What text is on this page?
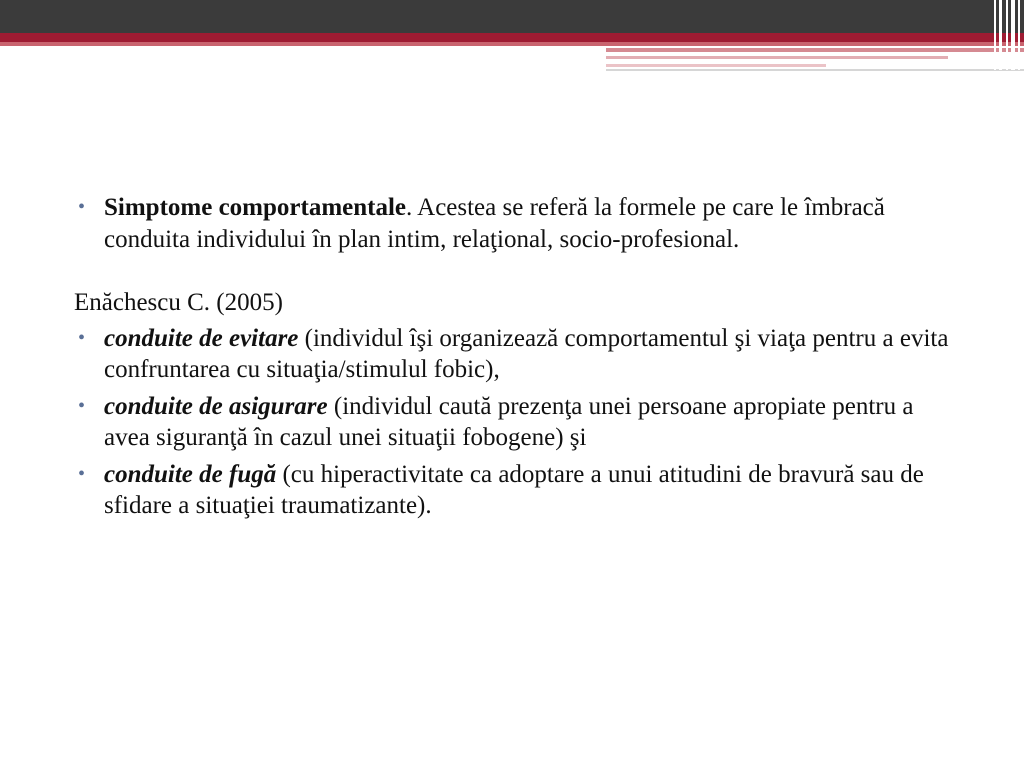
• Simptome comportamentale. Acestea se referă la formele pe care le îmbracă conduita individului în plan intim, relaţional, socio-profesional.
Enăchescu C. (2005)
• conduite de evitare (individul îşi organizează comportamentul şi viaţa pentru a evita confruntarea cu situaţia/stimulul fobic),
• conduite de asigurare (individul caută prezenţa unei persoane apropiate pentru a avea siguranţă în cazul unei situaţii fobogene) şi
• conduite de fugă (cu hiperactivitate ca adoptare a unui atitudini de bravură sau de sfidare a situaţiei traumatizante).
